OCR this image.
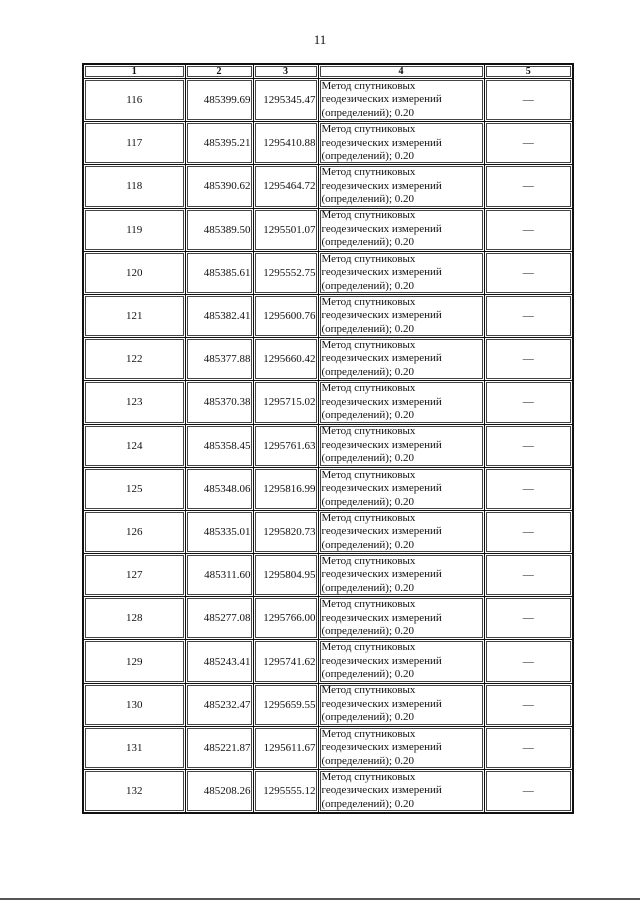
11
1	2	3	4	5
116	485399.69	1295345.47	Метод спутниковых
геодезических измерений
(определений); 0.20	—
117	485395.21	1295410.88	Метод спутниковых
геодезических измерений
(определений); 0.20	—
118	485390.62	1295464.72	Метод спутниковых
геодезических измерений
(определений); 0.20	—
119	485389.50	1295501.07	Метод спутниковых
геодезических измерений
(определений); 0.20	—
120	485385.61	1295552.75	Метод спутниковых
геодезических измерений
(определений); 0.20	—
121	485382.41	1295600.76	Метод спутниковых
геодезических измерений
(определений); 0.20	—
122	485377.88	1295660.42	Метод спутниковых
геодезических измерений
(определений); 0.20	—
123	485370.38	1295715.02	Метод спутниковых
геодезических измерений
(определений); 0.20	—
124	485358.45	1295761.63	Метод спутниковых
геодезических измерений
(определений); 0.20	—
125	485348.06	1295816.99	Метод спутниковых
геодезических измерений
(определений); 0.20	—
126	485335.01	1295820.73	Метод спутниковых
геодезических измерений
(определений); 0.20	—
127	485311.60	1295804.95	Метод спутниковых
геодезических измерений
(определений); 0.20	—
128	485277.08	1295766.00	Метод спутниковых
геодезических измерений
(определений); 0.20	—
129	485243.41	1295741.62	Метод спутниковых
геодезических измерений
(определений); 0.20	—
130	485232.47	1295659.55	Метод спутниковых
геодезических измерений
(определений); 0.20	—
131	485221.87	1295611.67	Метод спутниковых
геодезических измерений
(определений); 0.20	—
132	485208.26	1295555.12	Метод спутниковых
геодезических измерений
(определений); 0.20	—
